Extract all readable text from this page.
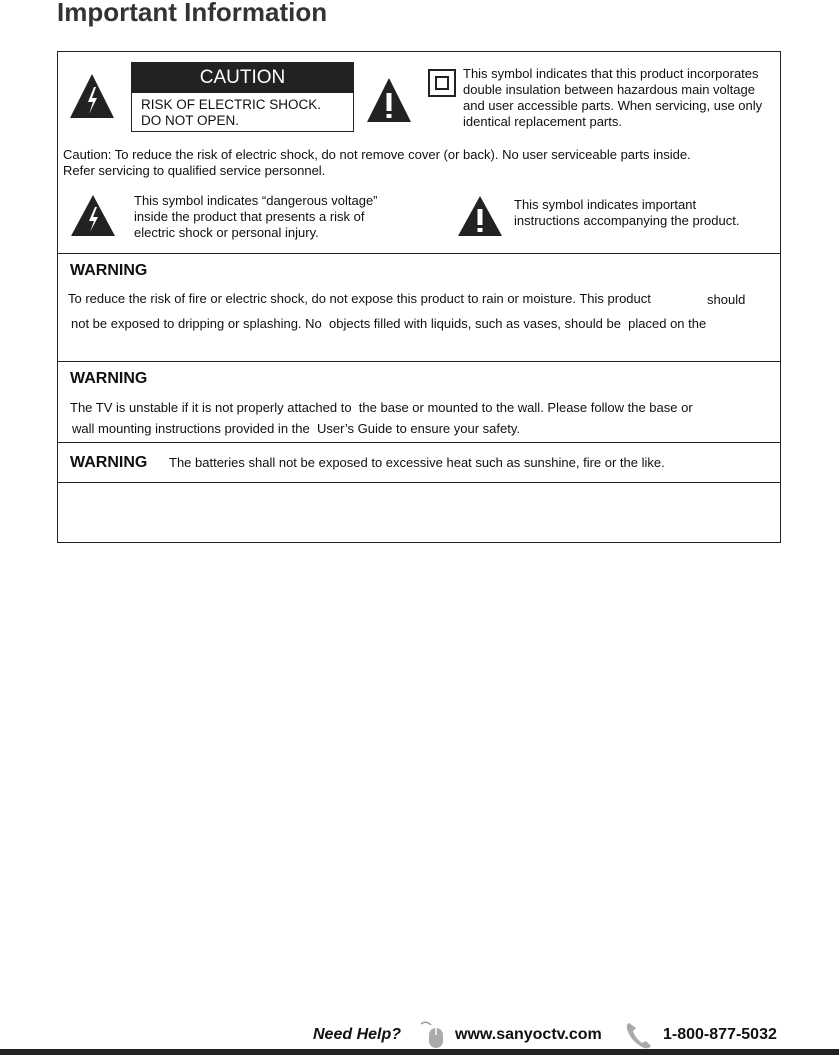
Important Information
CAUTION
RISK OF ELECTRIC SHOCK.
DO NOT OPEN.
This symbol indicates that this product incorporates
double insulation between hazardous main voltage
and user accessible parts. When servicing, use only
identical replacement parts.
Caution: To reduce the risk of electric shock, do not remove cover (or back). No user serviceable parts inside.
Refer servicing to qualified service personnel.
This symbol indicates “dangerous voltage”
inside the product that presents a risk of
electric shock or personal injury.
This symbol indicates important
instructions accompanying the product.
WARNING
To reduce the risk of fire or electric shock, do not expose this product to rain or moisture. This product	should
not be exposed to dripping or splashing. No  objects filled with liquids, such as vases, should be  placed on the
WARNING
The TV is unstable if it is not properly attached to  the base or mounted to the wall. Please follow the base or
wall mounting instructions provided in the  User’s Guide to ensure your safety.
WARNING The batteries shall not be exposed to excessive heat such as sunshine, fire or the like.
Need Help?	www.sanyoctv.com	1-800-877-5032
